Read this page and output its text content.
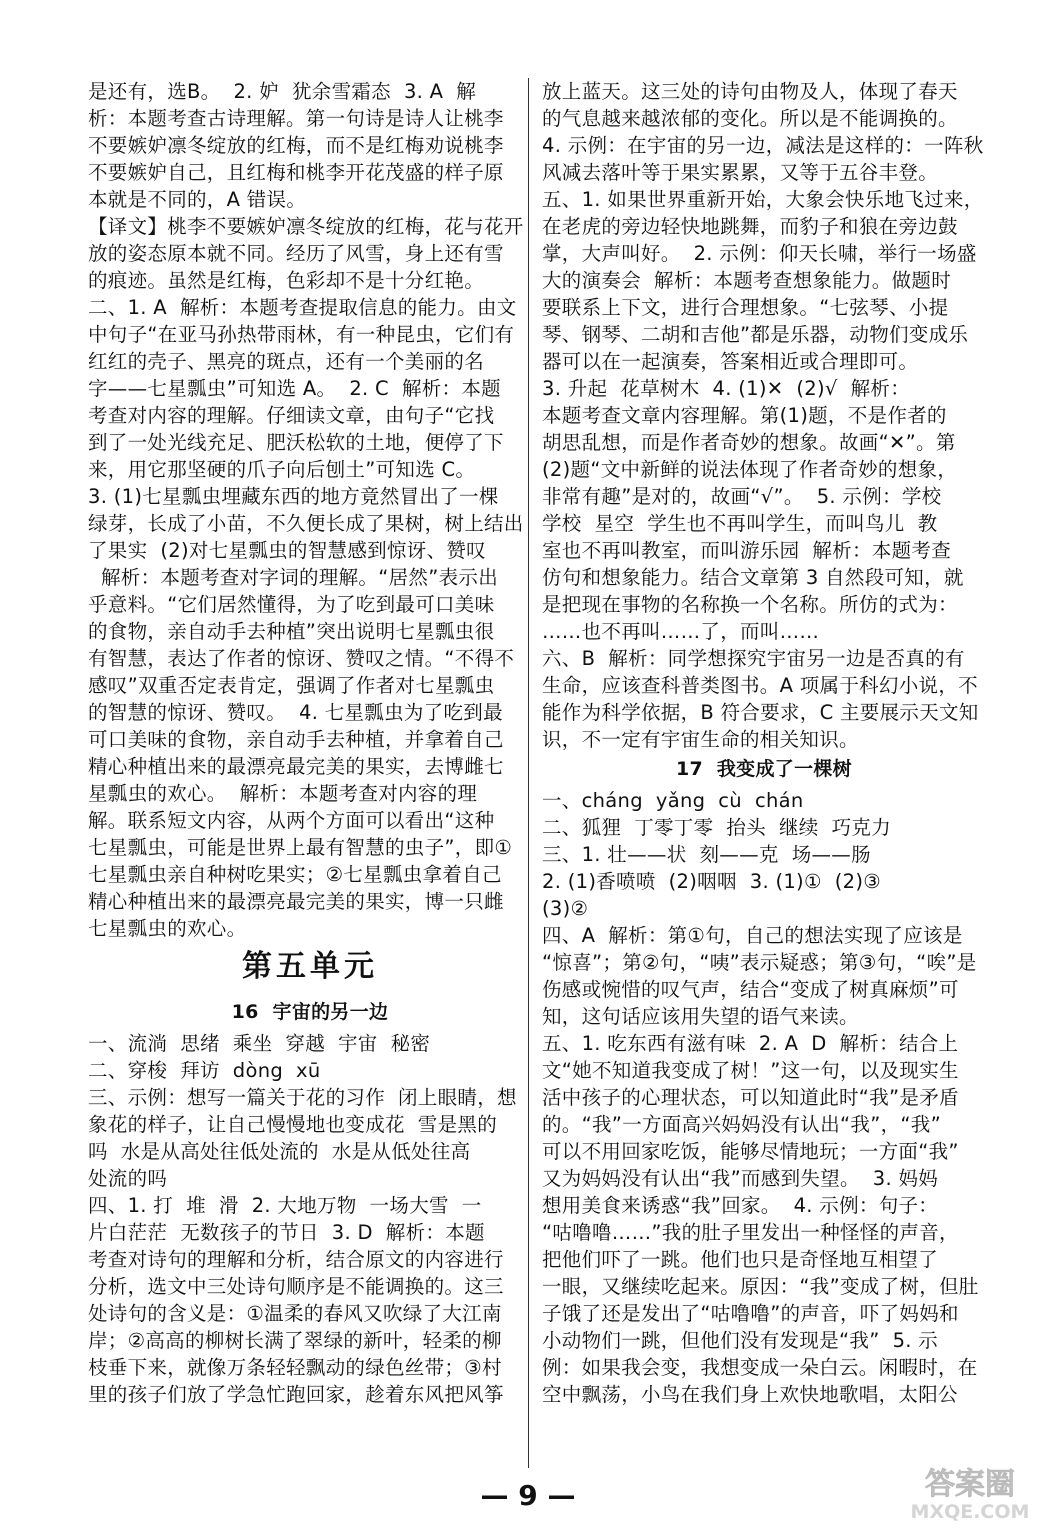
是还有，选B。  2. 妒  犹余雪霜态  3. A  解
析：本题考查古诗理解。第一句诗是诗人让桃李
不要嫉妒凛冬绽放的红梅，而不是红梅劝说桃李
不要嫉妒自己，且红梅和桃李开花茂盛的样子原
本就是不同的，A 错误。
【译文】桃李不要嫉妒凛冬绽放的红梅，花与花开
放的姿态原本就不同。经历了风雪，身上还有雪
的痕迹。虽然是红梅，色彩却不是十分红艳。
二、1. A  解析：本题考查提取信息的能力。由文
中句子“在亚马孙热带雨林，有一种昆虫，它们有
红红的壳子、黑亮的斑点，还有一个美丽的名
字——七星瓢虫”可知选 A。  2. C  解析：本题
考查对内容的理解。仔细读文章，由句子“它找
到了一处光线充足、肥沃松软的土地，便停了下
来，用它那坚硬的爪子向后刨土”可知选 C。
3. (1)七星瓢虫埋藏东西的地方竟然冒出了一棵
绿芽，长成了小苗，不久便长成了果树，树上结出
了果实  (2)对七星瓢虫的智慧感到惊讶、赞叹
解析：本题考查对字词的理解。“居然”表示出
乎意料。“它们居然懂得，为了吃到最可口美味
的食物，亲自动手去种植”突出说明七星瓢虫很
有智慧，表达了作者的惊讶、赞叹之情。“不得不
感叹”双重否定表肯定，强调了作者对七星瓢虫
的智慧的惊讶、赞叹。  4. 七星瓢虫为了吃到最
可口美味的食物，亲自动手去种植，并拿着自己
精心种植出来的最漂亮最完美的果实，去博雌七
星瓢虫的欢心。  解析：本题考查对内容的理
解。联系短文内容，从两个方面可以看出“这种
七星瓢虫，可能是世界上最有智慧的虫子”，即①
七星瓢虫亲自种树吃果实；②七星瓢虫拿着自己
精心种植出来的最漂亮最完美的果实，博一只雌
七星瓢虫的欢心。
第五单元
16  宇宙的另一边
一、流淌  思绪  乘坐  穿越  宇宙  秘密
二、穿梭  拜访  dòng  xū
三、示例：想写一篇关于花的习作  闭上眼睛，想
象花的样子，让自己慢慢地也变成花  雪是黑的
吗  水是从高处往低处流的  水是从低处往高
处流的吗
四、1. 打  堆  滑  2. 大地万物  一场大雪  一
片白茫茫  无数孩子的节日  3. D  解析：本题
考查对诗句的理解和分析，结合原文的内容进行
分析，选文中三处诗句顺序是不能调换的。这三
处诗句的含义是：①温柔的春风又吹绿了大江南
岸；②高高的柳树长满了翠绿的新叶，轻柔的柳
枝垂下来，就像万条轻轻飘动的绿色丝带；③村
里的孩子们放了学急忙跑回家，趁着东风把风筝
放上蓝天。这三处的诗句由物及人，体现了春天
的气息越来越浓郁的变化。所以是不能调换的。
4. 示例：在宇宙的另一边，减法是这样的：一阵秋
风减去落叶等于果实累累，又等于五谷丰登。
五、1. 如果世界重新开始，大象会快乐地飞过来，
在老虎的旁边轻快地跳舞，而豹子和狼在旁边鼓
掌，大声叫好。  2. 示例：仰天长啸，举行一场盛
大的演奏会  解析：本题考查想象能力。做题时
要联系上下文，进行合理想象。“七弦琴、小提
琴、钢琴、二胡和吉他”都是乐器，动物们变成乐
器可以在一起演奏，答案相近或合理即可。
3. 升起  花草树木  4. (1)✕  (2)√  解析：
本题考查文章内容理解。第(1)题，不是作者的
胡思乱想，而是作者奇妙的想象。故画“✕”。第
(2)题“文中新鲜的说法体现了作者奇妙的想象，
非常有趣”是对的，故画“√”。  5. 示例：学校
学校  星空  学生也不再叫学生，而叫鸟儿  教
室也不再叫教室，而叫游乐园  解析：本题考查
仿句和想象能力。结合文章第 3 自然段可知，就
是把现在事物的名称换一个名称。所仿的式为：
……也不再叫……了，而叫……
六、B  解析：同学想探究宇宙另一边是否真的有
生命，应该查科普类图书。A 项属于科幻小说，不
能作为科学依据，B 符合要求，C 主要展示天文知
识，不一定有宇宙生命的相关知识。
17  我变成了一棵树
一、cháng  yǎng  cù  chán
二、狐狸  丁零丁零  抬头  继续  巧克力
三、1. 壮——状  刻——克  场——肠
2. (1)香喷喷  (2)咽咽  3. (1)①  (2)③
(3)②
四、A  解析：第①句，自己的想法实现了应该是
“惊喜”；第②句，“咦”表示疑惑；第③句，“唉”是
伤感或惋惜的叹气声，结合“变成了树真麻烦”可
知，这句话应该用失望的语气来读。
五、1. 吃东西有滋有味  2. A  D  解析：结合上
文“她不知道我变成了树！”这一句，以及现实生
活中孩子的心理状态，可以知道此时“我”是矛盾
的。“我”一方面高兴妈妈没有认出“我”，“我”
可以不用回家吃饭，能够尽情地玩；一方面“我”
又为妈妈没有认出“我”而感到失望。  3. 妈妈
想用美食来诱惑“我”回家。  4. 示例：句子：
“咕噜噜……”我的肚子里发出一种怪怪的声音，
把他们吓了一跳。他们也只是奇怪地互相望了
一眼，又继续吃起来。原因：“我”变成了树，但肚
子饿了还是发出了“咕噜噜”的声音，吓了妈妈和
小动物们一跳，但他们没有发现是“我”  5. 示
例：如果我会变，我想变成一朵白云。闲暇时，在
空中飘荡，小鸟在我们身上欢快地歌唱，太阳公
— 9 —	答案圈
MXQE.COM
